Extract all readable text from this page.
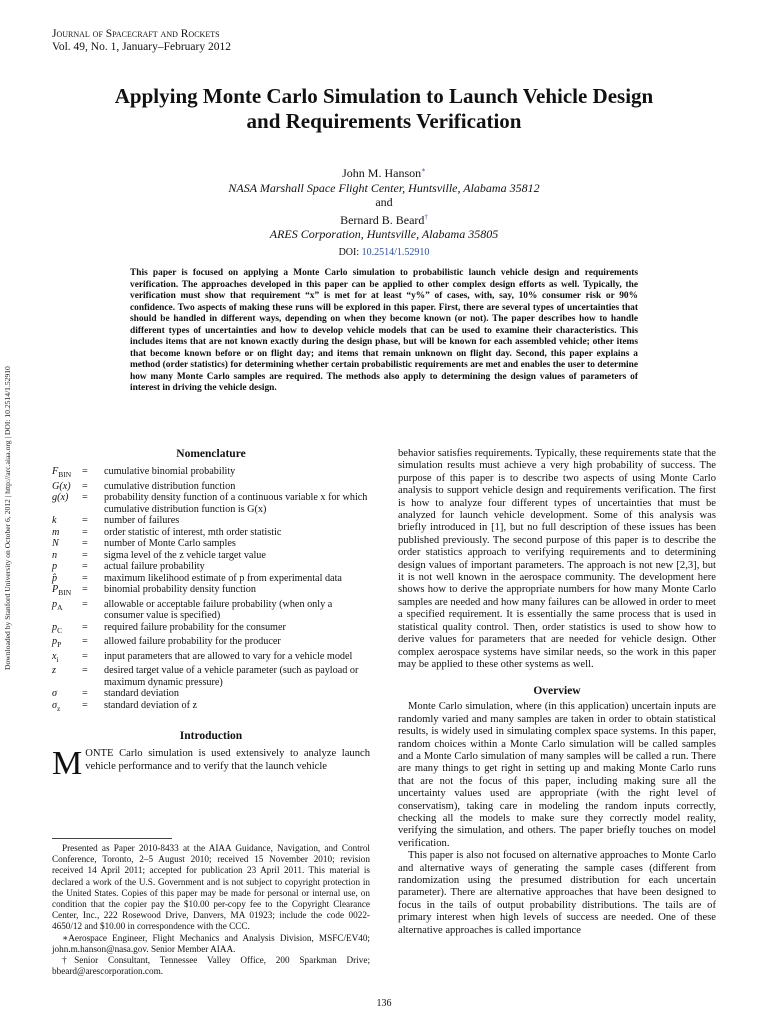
Journal of Spacecraft and Rockets
Vol. 49, No. 1, January–February 2012
Applying Monte Carlo Simulation to Launch Vehicle Design
and Requirements Verification
John M. Hanson∗
NASA Marshall Space Flight Center, Huntsville, Alabama 35812
and
Bernard B. Beard†
ARES Corporation, Huntsville, Alabama 35805
DOI: 10.2514/1.52910
This paper is focused on applying a Monte Carlo simulation to probabilistic launch vehicle design and requirements verification. The approaches developed in this paper can be applied to other complex design efforts as well. Typically, the verification must show that requirement “x” is met for at least “y%” of cases, with, say, 10% consumer risk or 90% confidence. Two aspects of making these runs will be explored in this paper. First, there are several types of uncertainties that should be handled in different ways, depending on when they become known (or not). The paper describes how to handle different types of uncertainties and how to develop vehicle models that can be used to examine their characteristics. This includes items that are not known exactly during the design phase, but will be known for each assembled vehicle; other items that become known before or on flight day; and items that remain unknown on flight day. Second, this paper explains a method (order statistics) for determining whether certain probabilistic requirements are met and enables the user to determine how many Monte Carlo samples are required. The methods also apply to determining the design values of parameters of interest in driving the vehicle design.
Downloaded by Stanford University on October 6, 2012 | http://arc.aiaa.org | DOI: 10.2514/1.52910	Nomenclature
$F_{BIN}$	=	cumulative binomial probability
G(x)	=	cumulative distribution function
g(x)	=	probability density function of a continuous variable x for which cumulative distribution function is G(x)
k	=	number of failures
m	=	order statistic of interest, mth order statistic
N	=	number of Monte Carlo samples
n	=	sigma level of the z vehicle target value
p	=	actual failure probability
p̂	=	maximum likelihood estimate of p from experimental data
$P_{BIN}$	=	binomial probability density function
$p_A$	=	allowable or acceptable failure probability (when only a consumer value is specified)
$p_C$	=	required failure probability for the consumer
$p_P$	=	allowed failure probability for the producer
$x_i$	=	input parameters that are allowed to vary for a vehicle model
z	=	desired target value of a vehicle parameter (such as payload or maximum dynamic pressure)
σ	=	standard deviation
$\sigma_z$	=	standard deviation of z
Introduction

MONTE Carlo simulation is used extensively to analyze launch vehicle performance and to verify that the launch vehicle

Presented as Paper 2010-8433 at the AIAA Guidance, Navigation, and Control Conference, Toronto, 2–5 August 2010; received 15 November 2010; revision received 14 April 2011; accepted for publication 23 April 2011. This material is declared a work of the U.S. Government and is not subject to copyright protection in the United States. Copies of this paper may be made for personal or internal use, on condition that the copier pay the $10.00 per-copy fee to the Copyright Clearance Center, Inc., 222 Rosewood Drive, Danvers, MA 01923; include the code 0022-4650/12 and $10.00 in correspondence with the CCC.

∗Aerospace Engineer, Flight Mechanics and Analysis Division, MSFC/EV40; john.m.hanson@nasa.gov. Senior Member AIAA.

†Senior Consultant, Tennessee Valley Office, 200 Sparkman Drive; bbeard@arescorporation.com.

behavior satisfies requirements. Typically, these requirements state that the simulation results must achieve a very high probability of success. The purpose of this paper is to describe two aspects of using Monte Carlo analysis to support vehicle design and requirements verification. The first is how to analyze four different types of uncertainties that must be analyzed for launch vehicle development. Some of this analysis was briefly introduced in [1], but no full description of these issues has been published previously. The second purpose of this paper is to describe the order statistics approach to verifying requirements and to determining design values of important parameters. The approach is not new [2,3], but it is not well known in the aerospace community. The development here shows how to derive the appropriate numbers for how many Monte Carlo samples are needed and how many failures can be allowed in order to meet a specified requirement. It is essentially the same process that is used in statistical quality control. Then, order statistics is used to show how to derive values for parameters that are needed for vehicle design. Other complex aerospace systems have similar needs, so the work in this paper may be applied to these other systems as well.

Overview

Monte Carlo simulation, where (in this application) uncertain inputs are randomly varied and many samples are taken in order to obtain statistical results, is widely used in simulating complex space systems. In this paper, random choices within a Monte Carlo simulation will be called samples and a Monte Carlo simulation of many samples will be called a run. There are many things to get right in setting up and making Monte Carlo runs that are not the focus of this paper, including making sure all the uncertainty values used are appropriate (with the right level of conservatism), taking care in modeling the random inputs correctly, checking all the models to make sure they correctly model reality, verifying the simulation, and others. The paper briefly touches on model verification.

This paper is also not focused on alternative approaches to Monte Carlo and alternative ways of generating the sample cases (different from randomization using the presumed distribution for each uncertain parameter). There are alternative approaches that have been designed to focus in the tails of output probability distributions. The tails are of primary interest when high levels of success are needed. One of these alternative approaches is called importance

136
